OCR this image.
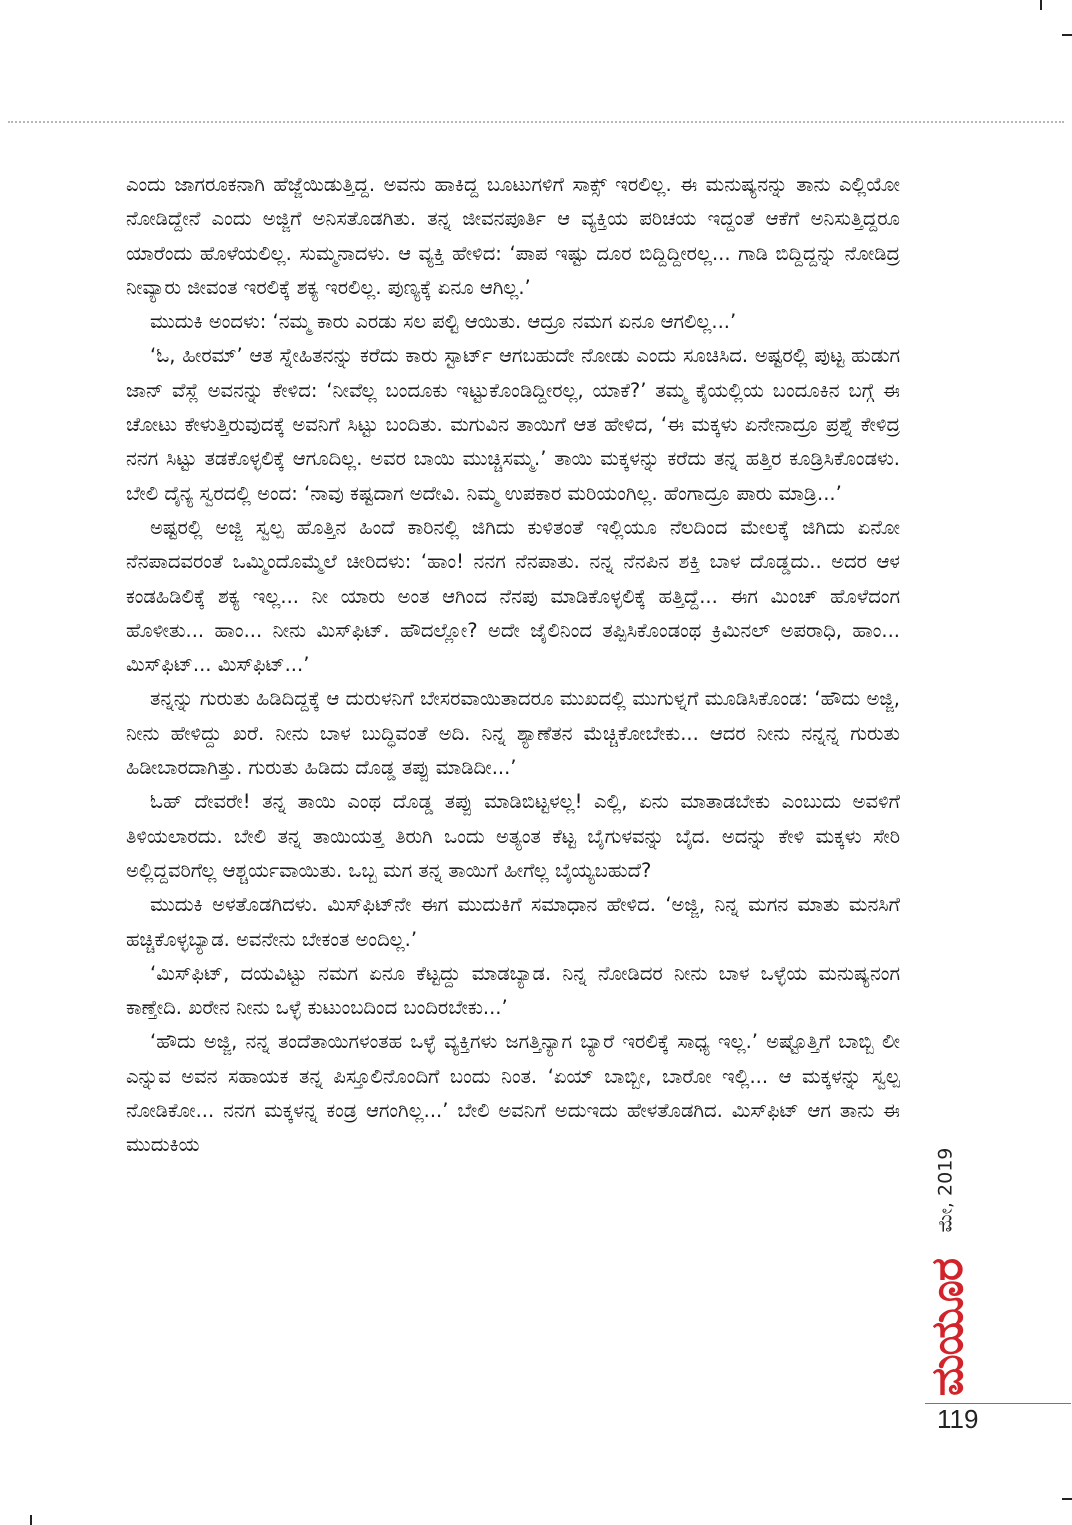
ಎಂದು ಜಾಗರೂಕನಾಗಿ ಹೆಜ್ಜೆಯಿಡುತ್ತಿದ್ದ. ಅವನು ಹಾಕಿದ್ದ ಬೂಟುಗಳಿಗೆ ಸಾಕ್ಸ್ ಇರಲಿಲ್ಲ. ಈ ಮನುಷ್ಯನನ್ನು ತಾನು ಎಲ್ಲಿಯೋ ನೋಡಿದ್ದೇನೆ ಎಂದು ಅಜ್ಜಿಗೆ ಅನಿಸತೊಡಗಿತು. ತನ್ನ ಜೀವನಪೂರ್ತಿ ಆ ವ್ಯಕ್ತಿಯ ಪರಿಚಯ ಇದ್ದಂತೆ ಆಕೆಗೆ ಅನಿಸುತ್ತಿದ್ದರೂ ಯಾರೆಂದು ಹೊಳೆಯಲಿಲ್ಲ. ಸುಮ್ಮನಾದಳು. ಆ ವ್ಯಕ್ತಿ ಹೇಳಿದ: ‘ಪಾಪ ಇಷ್ಟು ದೂರ ಬಿದ್ದಿದ್ದೀರಲ್ಲ... ಗಾಡಿ ಬಿದ್ದಿದ್ದನ್ನು ನೋಡಿದ್ರ ನೀವ್ಯಾರು ಜೀವಂತ ಇರಲಿಕ್ಕೆ ಶಕ್ಯ ಇರಲಿಲ್ಲ. ಪುಣ್ಯಕ್ಕೆ ಏನೂ ಆಗಿಲ್ಲ.’

ಮುದುಕಿ ಅಂದಳು: ‘ನಮ್ಮ ಕಾರು ಎರಡು ಸಲ ಪಲ್ಟಿ ಆಯಿತು. ಆದ್ರೂ ನಮಗ ಏನೂ ಆಗಲಿಲ್ಲ...’

‘ಓ, ಹೀರಮ್’ ಆತ ಸ್ನೇಹಿತನನ್ನು ಕರೆದು ಕಾರು ಸ್ಟಾರ್ಟ್ ಆಗಬಹುದೇ ನೋಡು ಎಂದು ಸೂಚಿಸಿದ. ಅಷ್ಟರಲ್ಲಿ ಪುಟ್ಟ ಹುಡುಗ ಜಾನ್ ವೆಸ್ಲೆ ಅವನನ್ನು ಕೇಳಿದ: ‘ನೀವೆಲ್ಲ ಬಂದೂಕು ಇಟ್ಟುಕೊಂಡಿದ್ದೀರಲ್ಲ, ಯಾಕೆ?’ ತಮ್ಮ ಕೈಯಲ್ಲಿಯ ಬಂದೂಕಿನ ಬಗ್ಗೆ ಈ ಚೋಟು ಕೇಳುತ್ತಿರುವುದಕ್ಕೆ ಅವನಿಗೆ ಸಿಟ್ಟು ಬಂದಿತು. ಮಗುವಿನ ತಾಯಿಗೆ ಆತ ಹೇಳಿದ, ‘ಈ ಮಕ್ಕಳು ಏನೇನಾದ್ರೂ ಪ್ರಶ್ನೆ ಕೇಳಿದ್ರ ನನಗ ಸಿಟ್ಟು ತಡಕೊಳ್ಳಲಿಕ್ಕೆ ಆಗೂದಿಲ್ಲ. ಅವರ ಬಾಯಿ ಮುಚ್ಚಿಸಮ್ಮ.’ ತಾಯಿ ಮಕ್ಕಳನ್ನು ಕರೆದು ತನ್ನ ಹತ್ತಿರ ಕೂಡ್ರಿಸಿಕೊಂಡಳು. ಬೇಲಿ ದೈನ್ಯ ಸ್ವರದಲ್ಲಿ ಅಂದ: ‘ನಾವು ಕಷ್ಟದಾಗ ಅದೇವಿ. ನಿಮ್ಮ ಉಪಕಾರ ಮರಿಯಂಗಿಲ್ಲ. ಹೆಂಗಾದ್ರೂ ಪಾರು ಮಾಡ್ರಿ...’

ಅಷ್ಟರಲ್ಲಿ ಅಜ್ಜಿ ಸ್ವಲ್ಪ ಹೊತ್ತಿನ ಹಿಂದೆ ಕಾರಿನಲ್ಲಿ ಜಿಗಿದು ಕುಳಿತಂತೆ ಇಲ್ಲಿಯೂ ನೆಲದಿಂದ ಮೇಲಕ್ಕೆ ಜಿಗಿದು ಏನೋ ನೆನಪಾದವರಂತೆ ಒಮ್ಮಿಂದೊಮ್ಮೆಲೆ ಚೀರಿದಳು: ‘ಹಾಂ! ನನಗ ನೆನಪಾತು. ನನ್ನ ನೆನಪಿನ ಶಕ್ತಿ ಬಾಳ ದೊಡ್ಡದು.. ಅದರ ಆಳ ಕಂಡಹಿಡಿಲಿಕ್ಕೆ ಶಕ್ಯ ಇಲ್ಲ... ನೀ ಯಾರು ಅಂತ ಆಗಿಂದ ನೆನಪು ಮಾಡಿಕೊಳ್ಳಲಿಕ್ಕೆ ಹತ್ತಿದ್ದೆ... ಈಗ ಮಿಂಚ್ ಹೊಳೆದಂಗ ಹೊಳೀತು... ಹಾಂ... ನೀನು ಮಿಸ್‌ಫಿಟ್. ಹೌದಲ್ಲೋ? ಅದೇ ಜೈಲಿನಿಂದ ತಪ್ಪಿಸಿಕೊಂಡಂಥ ಕ್ರಿಮಿನಲ್ ಅಪರಾಧಿ, ಹಾಂ... ಮಿಸ್‌ಫಿಟ್... ಮಿಸ್‌ಫಿಟ್...’

ತನ್ನನ್ನು ಗುರುತು ಹಿಡಿದಿದ್ದಕ್ಕೆ ಆ ದುರುಳನಿಗೆ ಬೇಸರವಾಯಿತಾದರೂ ಮುಖದಲ್ಲಿ ಮುಗುಳ್ನಗೆ ಮೂಡಿಸಿಕೊಂಡ: ‘ಹೌದು ಅಜ್ಜಿ, ನೀನು ಹೇಳಿದ್ದು ಖರೆ. ನೀನು ಬಾಳ ಬುದ್ಧಿವಂತೆ ಅದಿ. ನಿನ್ನ ಶ್ಯಾಣೆತನ ಮೆಚ್ಚಿಕೋಬೇಕು... ಆದರ ನೀನು ನನ್ನನ್ನ ಗುರುತು ಹಿಡೀಬಾರದಾಗಿತ್ತು. ಗುರುತು ಹಿಡಿದು ದೊಡ್ಡ ತಪ್ಪು ಮಾಡಿದೀ...’

ಓಹ್ ದೇವರೇ! ತನ್ನ ತಾಯಿ ಎಂಥ ದೊಡ್ಡ ತಪ್ಪು ಮಾಡಿಬಿಟ್ಟಳಲ್ಲ! ಎಲ್ಲಿ, ಏನು ಮಾತಾಡಬೇಕು ಎಂಬುದು ಅವಳಿಗೆ ತಿಳಿಯಲಾರದು. ಬೇಲಿ ತನ್ನ ತಾಯಿಯತ್ತ ತಿರುಗಿ ಒಂದು ಅತ್ಯಂತ ಕೆಟ್ಟ ಬೈಗುಳವನ್ನು ಬೈದ. ಅದನ್ನು ಕೇಳಿ ಮಕ್ಕಳು ಸೇರಿ ಅಲ್ಲಿದ್ದವರಿಗೆಲ್ಲ ಆಶ್ಚರ್ಯವಾಯಿತು. ಒಬ್ಬ ಮಗ ತನ್ನ ತಾಯಿಗೆ ಹೀಗೆಲ್ಲ ಬೈಯ್ಯಬಹುದೆ?

ಮುದುಕಿ ಅಳತೊಡಗಿದಳು. ಮಿಸ್‌ಫಿಟ್‌ನೇ ಈಗ ಮುದುಕಿಗೆ ಸಮಾಧಾನ ಹೇಳಿದ. ‘ಅಜ್ಜಿ, ನಿನ್ನ ಮಗನ ಮಾತು ಮನಸಿಗೆ ಹಚ್ಚಿಕೊಳ್ಳಬ್ಯಾಡ. ಅವನೇನು ಬೇಕಂತ ಅಂದಿಲ್ಲ.’

‘ಮಿಸ್‌ಫಿಟ್, ದಯವಿಟ್ಟು ನಮಗ ಏನೂ ಕೆಟ್ಟದ್ದು ಮಾಡಬ್ಯಾಡ. ನಿನ್ನ ನೋಡಿದರ ನೀನು ಬಾಳ ಒಳ್ಳೆಯ ಮನುಷ್ಯನಂಗ ಕಾಣ್ತೇದಿ. ಖರೇನ ನೀನು ಒಳ್ಳೆ ಕುಟುಂಬದಿಂದ ಬಂದಿರಬೇಕು...’

‘ಹೌದು ಅಜ್ಜಿ, ನನ್ನ ತಂದೆತಾಯಿಗಳಂತಹ ಒಳ್ಳೆ ವ್ಯಕ್ತಿಗಳು ಜಗತ್ತಿನ್ಯಾಗ ಬ್ಯಾರೆ ಇರಲಿಕ್ಕೆ ಸಾಧ್ಯ ಇಲ್ಲ.’ ಅಷ್ಟೊತ್ತಿಗೆ ಬಾಬ್ಬಿ ಲೀ ಎನ್ನುವ ಅವನ ಸಹಾಯಕ ತನ್ನ ಪಿಸ್ತೂಲಿನೊಂದಿಗೆ ಬಂದು ನಿಂತ. ‘ಏಯ್ ಬಾಬ್ಬೀ, ಬಾರೋ ಇಲ್ಲಿ... ಆ ಮಕ್ಕಳನ್ನು ಸ್ವಲ್ಪ ನೋಡಿಕೋ... ನನಗ ಮಕ್ಕಳನ್ನ ಕಂಡ್ರ ಆಗಂಗಿಲ್ಲ...’ ಬೇಲಿ ಅವನಿಗೆ ಅದುಇದು ಹೇಳತೊಡಗಿದ. ಮಿಸ್‌ಫಿಟ್ ಆಗ ತಾನು ಈ ಮುದುಕಿಯ

ಮೇ, 2019
ಮಯೂರ
119
